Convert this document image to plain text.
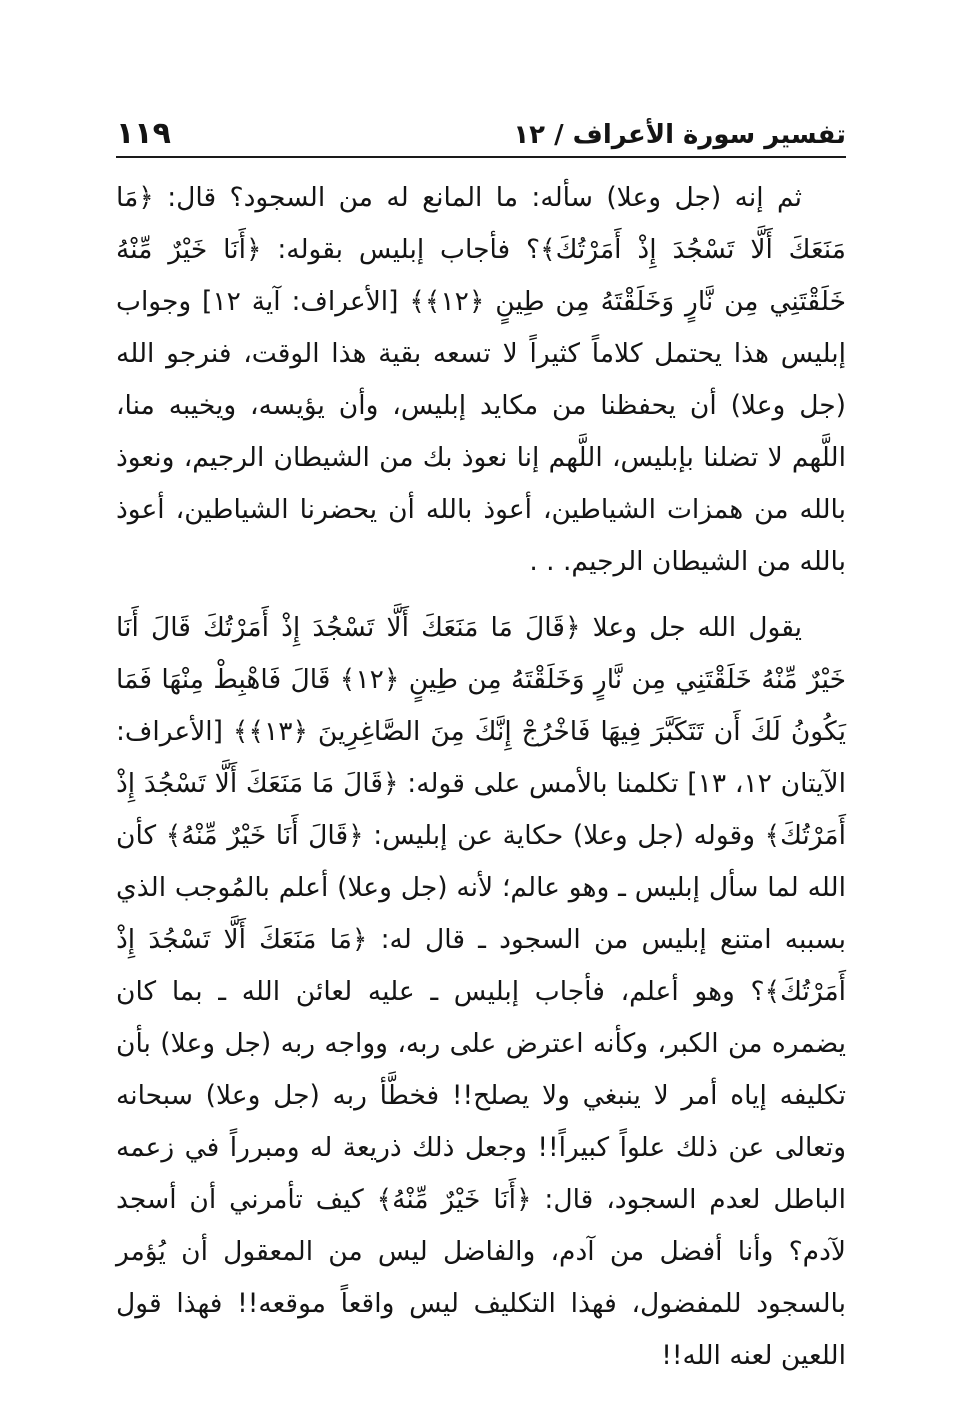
تفسير سورة الأعراف / ١٢
١١٩

ثم إنه (جل وعلا) سأله: ما المانع له من السجود؟ قال: ﴿مَا مَنَعَكَ أَلَّا تَسْجُدَ إِذْ أَمَرْتُكَ﴾؟ فأجاب إبليس بقوله: ﴿أَنَا خَيْرٌ مِّنْهُ خَلَقْتَنِي مِن نَّارٍ وَخَلَقْتَهُ مِن طِينٍ ﴿١٢﴾﴾ [الأعراف: آية ١٢] وجواب إبليس هذا يحتمل كلاماً كثيراً لا تسعه بقية هذا الوقت، فنرجو الله (جل وعلا) أن يحفظنا من مكايد إبليس، وأن يؤيسه، ويخيبه منا، اللَّهم لا تضلنا بإبليس، اللَّهم إنا نعوذ بك من الشيطان الرجيم، ونعوذ بالله من همزات الشياطين، أعوذ بالله أن يحضرنا الشياطين، أعوذ بالله من الشيطان الرجيم. . .

يقول الله جل وعلا ﴿قَالَ مَا مَنَعَكَ أَلَّا تَسْجُدَ إِذْ أَمَرْتُكَ قَالَ أَنَا خَيْرٌ مِّنْهُ خَلَقْتَنِي مِن نَّارٍ وَخَلَقْتَهُ مِن طِينٍ ﴿١٢﴾ قَالَ فَاهْبِطْ مِنْهَا فَمَا يَكُونُ لَكَ أَن تَتَكَبَّرَ فِيهَا فَاخْرُجْ إِنَّكَ مِنَ الصَّاغِرِينَ ﴿١٣﴾﴾ [الأعراف: الآيتان ١٢، ١٣] تكلمنا بالأمس على قوله: ﴿قَالَ مَا مَنَعَكَ أَلَّا تَسْجُدَ إِذْ أَمَرْتُكَ﴾ وقوله (جل وعلا) حكاية عن إبليس: ﴿قَالَ أَنَا خَيْرٌ مِّنْهُ﴾ كأن الله لما سأل إبليس ـ وهو عالم؛ لأنه (جل وعلا) أعلم بالمُوجب الذي بسببه امتنع إبليس من السجود ـ قال له: ﴿مَا مَنَعَكَ أَلَّا تَسْجُدَ إِذْ أَمَرْتُكَ﴾؟ وهو أعلم، فأجاب إبليس ـ عليه لعائن الله ـ بما كان يضمره من الكبر، وكأنه اعترض على ربه، وواجه ربه (جل وعلا) بأن تكليفه إياه أمر لا ينبغي ولا يصلح!! فخطَّأ ربه (جل وعلا) سبحانه وتعالى عن ذلك علواً كبيراً!! وجعل ذلك ذريعة له ومبرراً في زعمه الباطل لعدم السجود، قال: ﴿أَنَا خَيْرٌ مِّنْهُ﴾ كيف تأمرني أن أسجد لآدم؟ وأنا أفضل من آدم، والفاضل ليس من المعقول أن يُؤمر بالسجود للمفضول، فهذا التكليف ليس واقعاً موقعه!! فهذا قول اللعين لعنه الله!!
